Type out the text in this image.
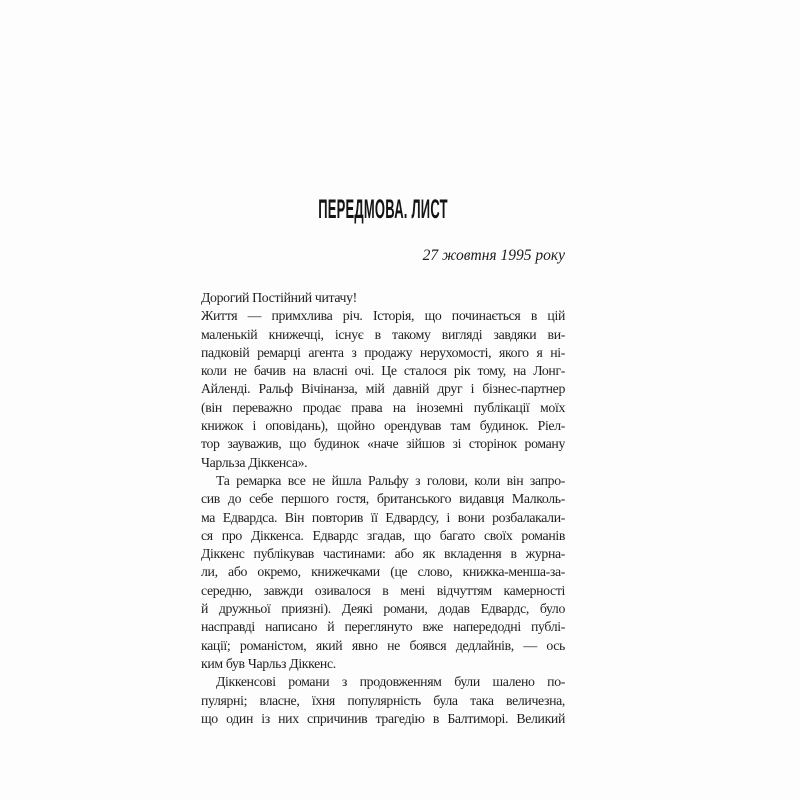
ПЕРЕДМОВА. ЛИСТ
27 жовтня 1995 року
Дорогий Постійний читачу!
Життя — примхлива річ. Історія, що починається в цій
маленькій книжечці, існує в такому вигляді завдяки ви-
падковій ремарці агента з продажу нерухомості, якого я ні-
коли не бачив на власні очі. Це сталося рік тому, на Лонг-
Айленді. Ральф Вічінанза, мій давній друг і бізнес-партнер
(він переважно продає права на іноземні публікації моїх
книжок і оповідань), щойно орендував там будинок. Ріел-
тор зауважив, що будинок «наче зійшов зі сторінок роману
Чарльза Діккенса».
Та ремарка все не йшла Ральфу з голови, коли він запро-
сив до себе першого гостя, британського видавця Малколь-
ма Едвардса. Він повторив її Едвардсу, і вони розбалакали-
ся про Діккенса. Едвардс згадав, що багато своїх романів
Діккенс публікував частинами: або як вкладення в журна-
ли, або окремо, книжечками (це слово, книжка-менша-за-
середню, завжди озивалося в мені відчуттям камерності
й дружньої приязні). Деякі романи, додав Едвардс, було
насправді написано й переглянуто вже напередодні публі-
кації; романістом, який явно не боявся дедлайнів, — ось
ким був Чарльз Діккенс.
Діккенсові романи з продовженням були шалено по-
пулярні; власне, їхня популярність була така величезна,
що один із них спричинив трагедію в Балтиморі. Великий
